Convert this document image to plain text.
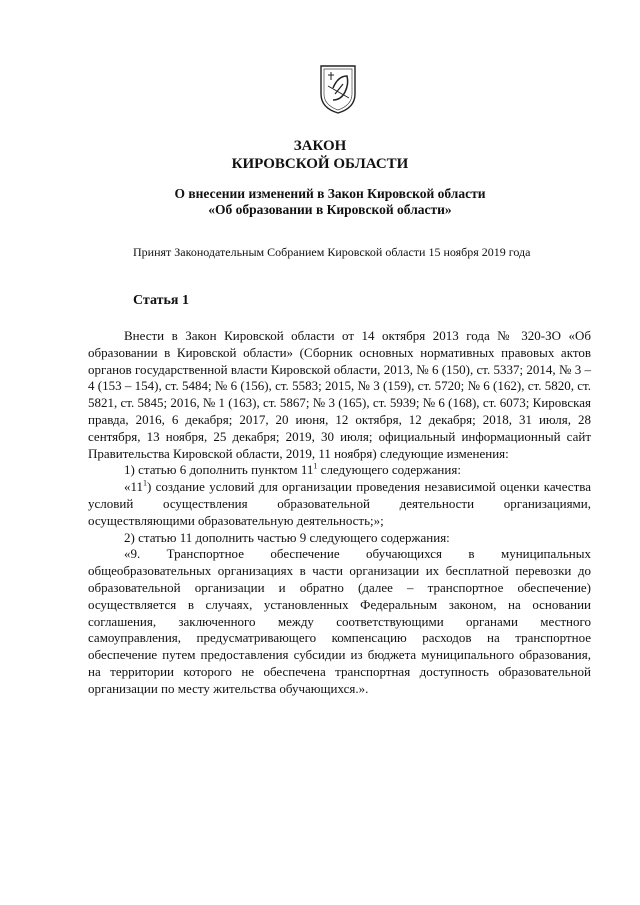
ЗАКОН
КИРОВСКОЙ ОБЛАСТИ
О внесении изменений в Закон Кировской области
«Об образовании в Кировской области»
Принят Законодательным Собранием Кировской области 15 ноября 2019 года
Статья 1

Внести в Закон Кировской области от 14 октября 2013 года № 320-ЗО «Об образовании в Кировской области» (Сборник основных нормативных правовых актов органов государственной власти Кировской области, 2013, № 6 (150), ст. 5337; 2014, № 3 – 4 (153 – 154), ст. 5484; № 6 (156), ст. 5583; 2015, № 3 (159), ст. 5720; № 6 (162), ст. 5820, ст. 5821, ст. 5845; 2016, № 1 (163), ст. 5867; № 3 (165), ст. 5939; № 6 (168), ст. 6073; Кировская правда, 2016, 6 декабря; 2017, 20 июня, 12 октября, 12 декабря; 2018, 31 июля, 28 сентября, 13 ноября, 25 декабря; 2019, 30 июля; официальный информационный сайт Правительства Кировской области, 2019, 11 ноября) следующие изменения:

1) статью 6 дополнить пунктом $11^1$ следующего содержания:

«$11^1$) создание условий для организации проведения независимой оценки качества условий осуществления образовательной деятельности организациями, осуществляющими образовательную деятельность;»;

2) статью 11 дополнить частью 9 следующего содержания:

«9. Транспортное обеспечение обучающихся в муниципальных общеобразовательных организациях в части организации их бесплатной перевозки до образовательной организации и обратно (далее – транспортное обеспечение) осуществляется в случаях, установленных Федеральным законом, на основании соглашения, заключенного между соответствующими органами местного самоуправления, предусматривающего компенсацию расходов на транспортное обеспечение путем предоставления субсидии из бюджета муниципального образования, на территории которого не обеспечена транспортная доступность образовательной организации по месту жительства обучающихся.».
